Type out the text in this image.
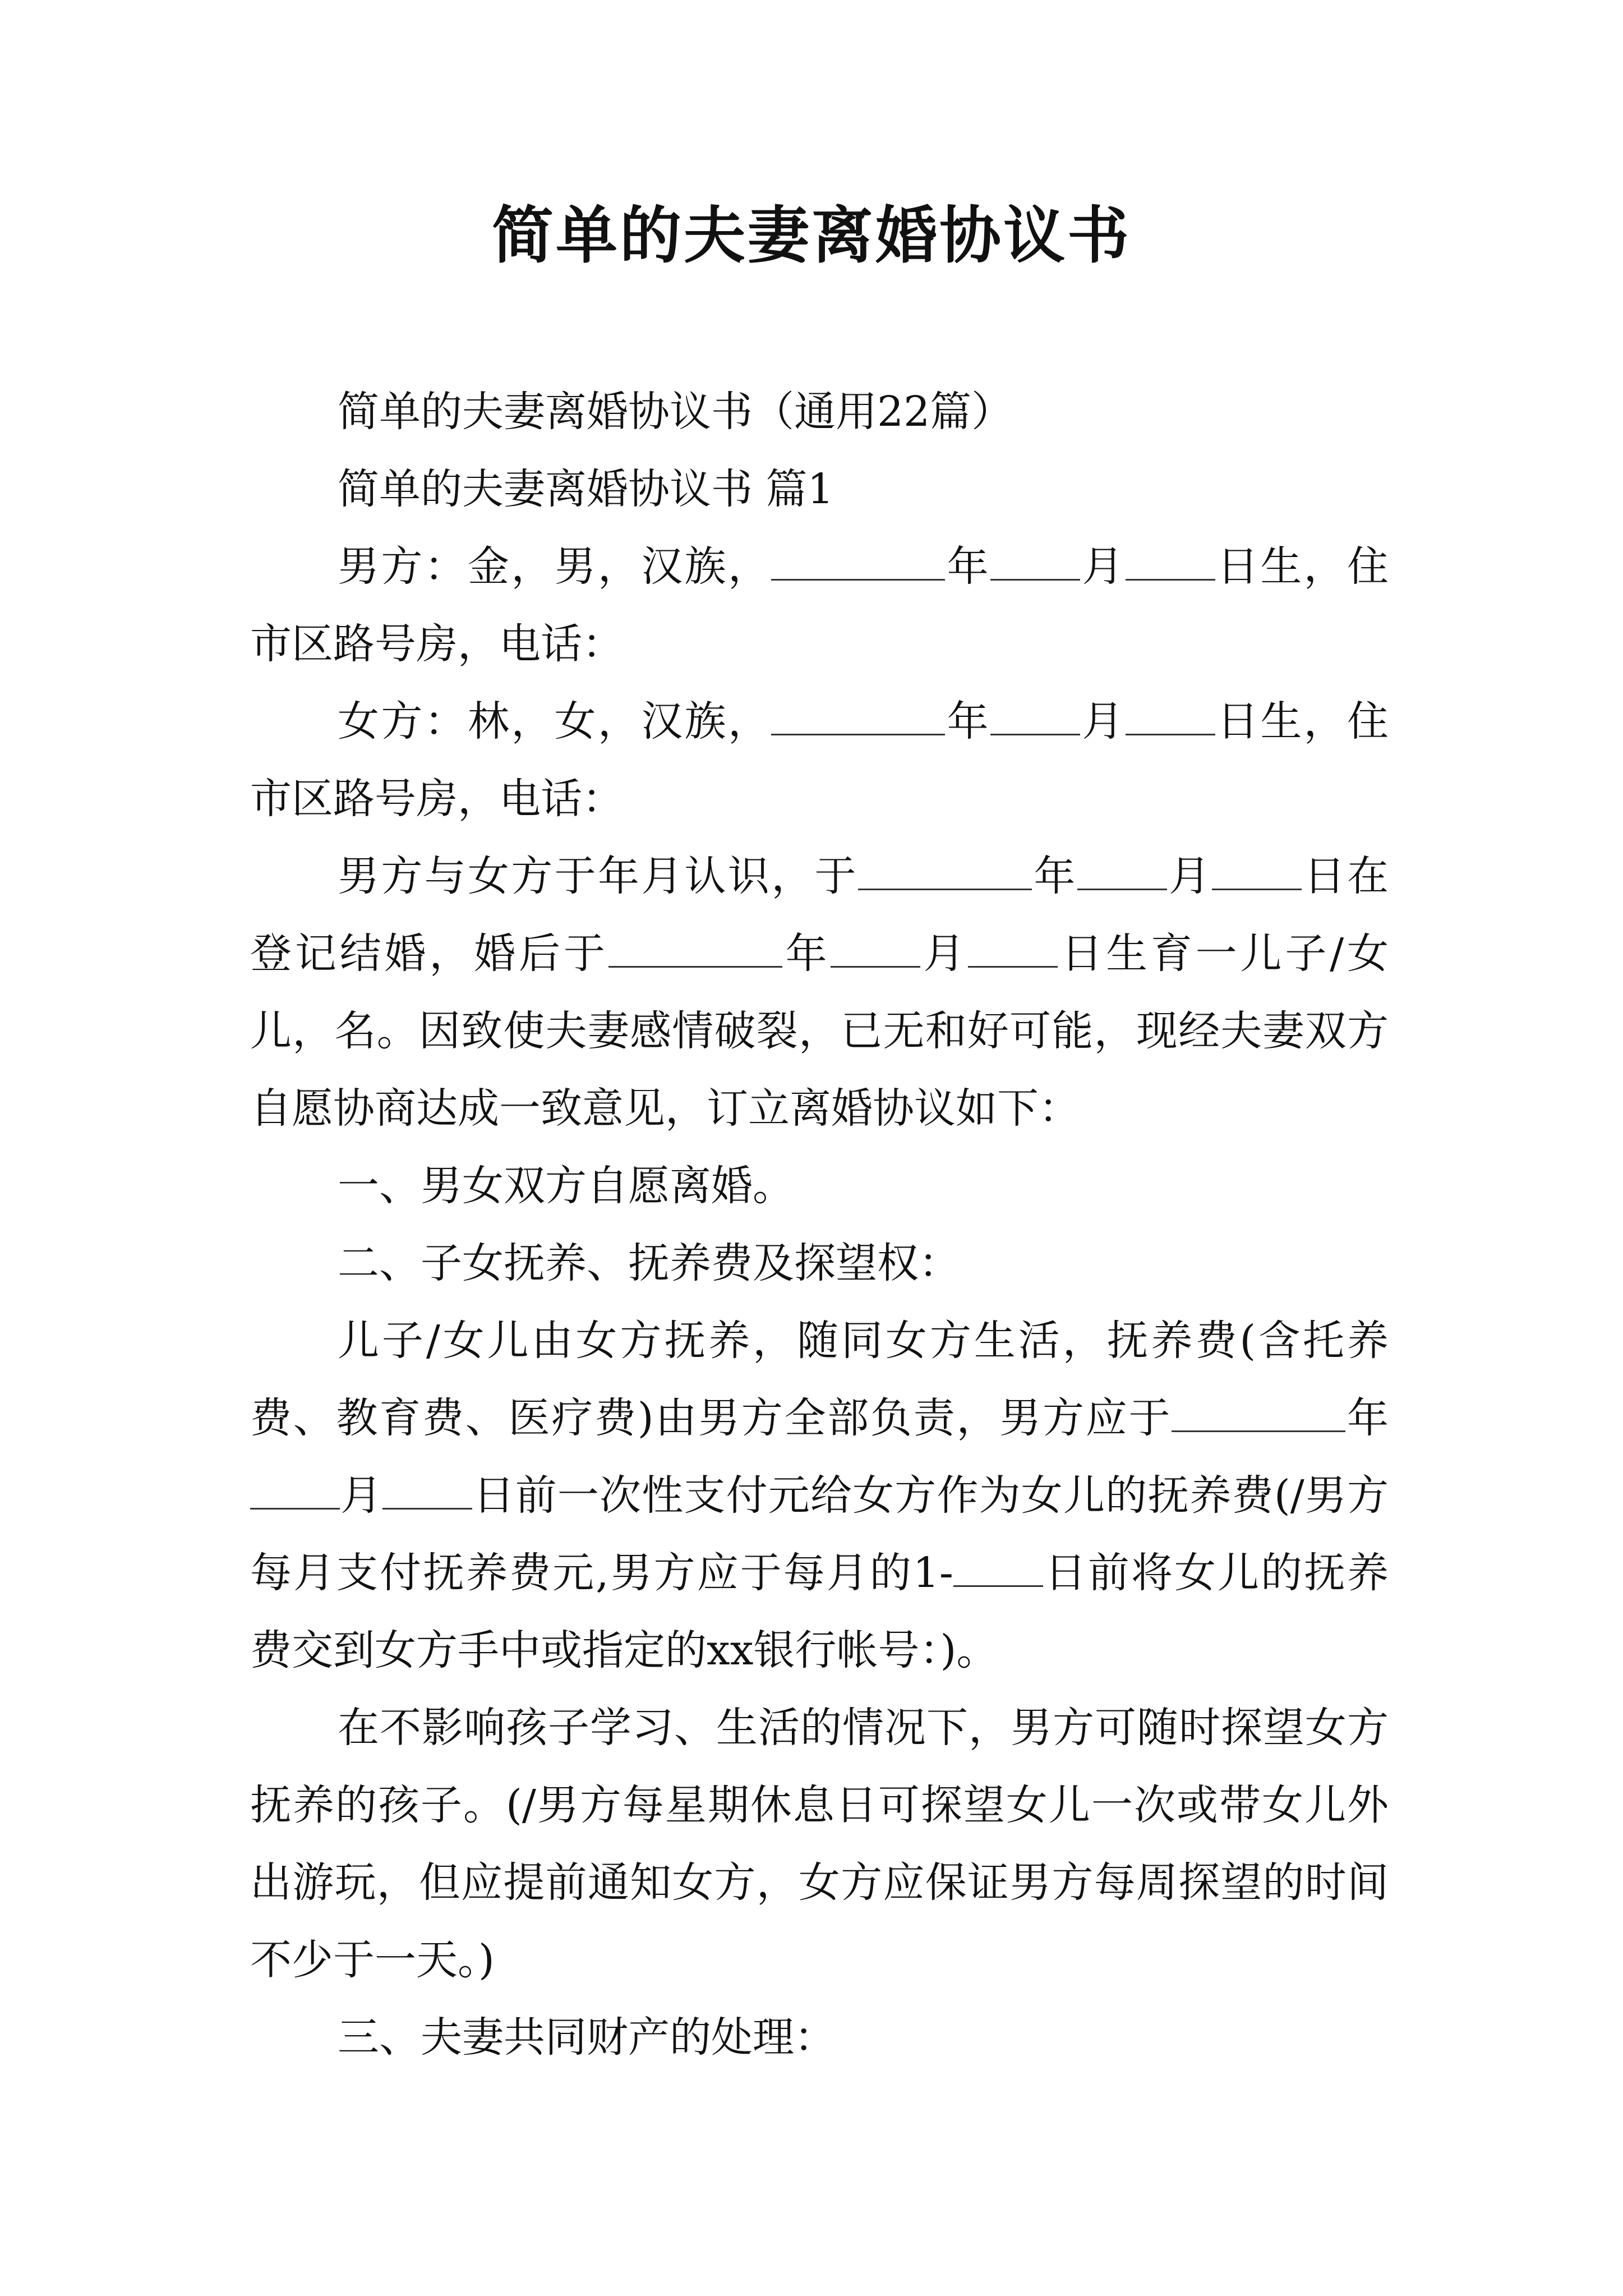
简单的夫妻离婚协议书

简单的夫妻离婚协议书（通用22篇）

简单的夫妻离婚协议书 篇1

男方：金，男，汉族，	年 月 日生，住市区路号房，电话：

女方：林，女，汉族，	年 月 日生，住市区路号房，电话：

男方与女方于年月认识，于	年 月 日在登记结婚，婚后于	年 月 日生育一儿子/女儿，名。因致使夫妻感情破裂，已无和好可能，现经夫妻双方自愿协商达成一致意见，订立离婚协议如下：

一、男女双方自愿离婚。

二、子女抚养、抚养费及探望权：

儿子/女儿由女方抚养，随同女方生活，抚养费(含托养费、教育费、医疗费)由男方全部负责，男方应于	年月 日前一次性支付元给女方作为女儿的抚养费(/男方每月支付抚养费元,男方应于每月的1- 日前将女儿的抚养费交到女方手中或指定的xx银行帐号：)。

在不影响孩子学习、生活的情况下，男方可随时探望女方抚养的孩子。(/男方每星期休息日可探望女儿一次或带女儿外出游玩，但应提前通知女方，女方应保证男方每周探望的时间不少于一天。)

三、夫妻共同财产的处理：
